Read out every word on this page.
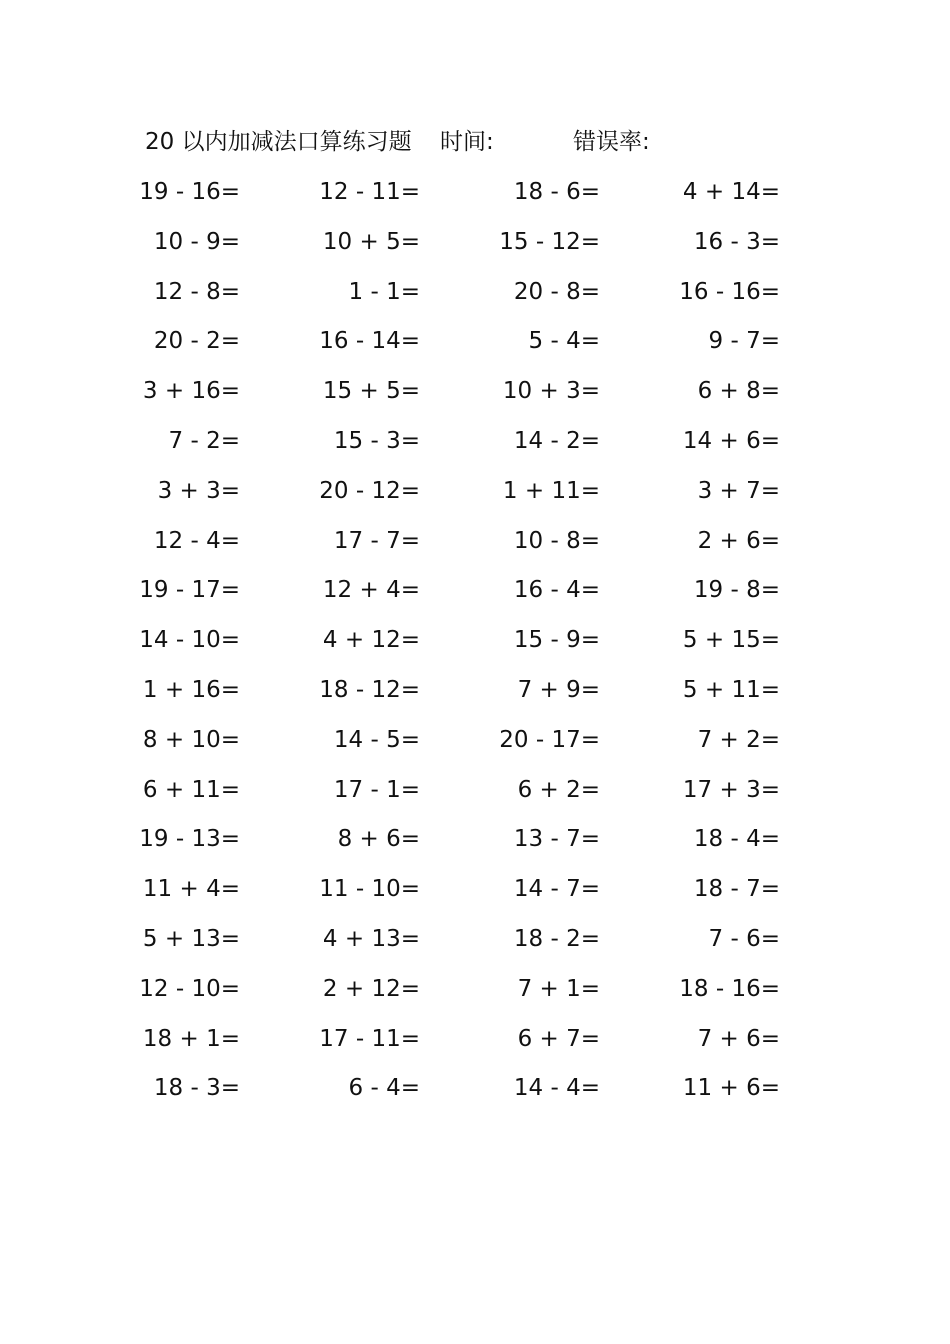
20 以内加减法口算练习题 时间:	错误率:
19 - 16=	12 - 11=	18 - 6=	4 + 14=
10 - 9=	10 + 5=	15 - 12=	16 - 3=
12 - 8=	1 - 1=	20 - 8=	16 - 16=
20 - 2=	16 - 14=	5 - 4=	9 - 7=
3 + 16=	15 + 5=	10 + 3=	6 + 8=
7 - 2=	15 - 3=	14 - 2=	14 + 6=
3 + 3=	20 - 12=	1 + 11=	3 + 7=
12 - 4=	17 - 7=	10 - 8=	2 + 6=
19 - 17=	12 + 4=	16 - 4=	19 - 8=
14 - 10=	4 + 12=	15 - 9=	5 + 15=
1 + 16=	18 - 12=	7 + 9=	5 + 11=
8 + 10=	14 - 5=	20 - 17=	7 + 2=
6 + 11=	17 - 1=	6 + 2=	17 + 3=
19 - 13=	8 + 6=	13 - 7=	18 - 4=
11 + 4=	11 - 10=	14 - 7=	18 - 7=
5 + 13=	4 + 13=	18 - 2=	7 - 6=
12 - 10=	2 + 12=	7 + 1=	18 - 16=
18 + 1=	17 - 11=	6 + 7=	7 + 6=
18 - 3=	6 - 4=	14 - 4=	11 + 6=
